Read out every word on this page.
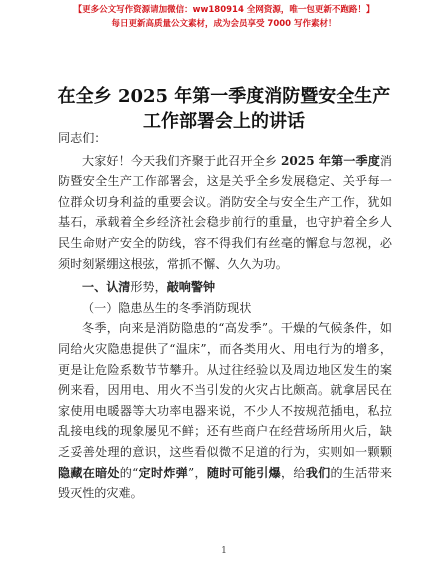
【更多公文写作资源请加微信：ww180914 全网资源，唯一包更新不跑路！】
每日更新高质量公文素材，成为会员享受 7000 写作素材！
在全乡 2025 年第一季度消防暨安全生产工作部署会上的讲话

同志们：

大家好！今天我们齐聚于此召开全乡 2025 年第一季度消防暨安全生产工作部署会，这是关乎全乡发展稳定、关乎每一位群众切身利益的重要会议。消防安全与安全生产工作，犹如基石，承载着全乡经济社会稳步前行的重量，也守护着全乡人民生命财产安全的防线，容不得我们有丝毫的懈怠与忽视，必须时刻紧绷这根弦，常抓不懈、久久为功。

一、认清形势，敲响警钟

（一）隐患丛生的冬季消防现状

冬季，向来是消防隐患的“高发季”。干燥的气候条件，如同给火灾隐患提供了“温床”，而各类用火、用电行为的增多，更是让危险系数节节攀升。从过往经验以及周边地区发生的案例来看，因用电、用火不当引发的火灾占比颇高。就拿居民在家使用电暖器等大功率电器来说，不少人不按规范插电，私拉乱接电线的现象屡见不鲜；还有些商户在经营场所用火后，缺乏妥善处理的意识，这些看似微不足道的行为，实则如一颗颗隐藏在暗处的“定时炸弹”，随时可能引爆，给我们的生活带来毁灭性的灾难。

1
